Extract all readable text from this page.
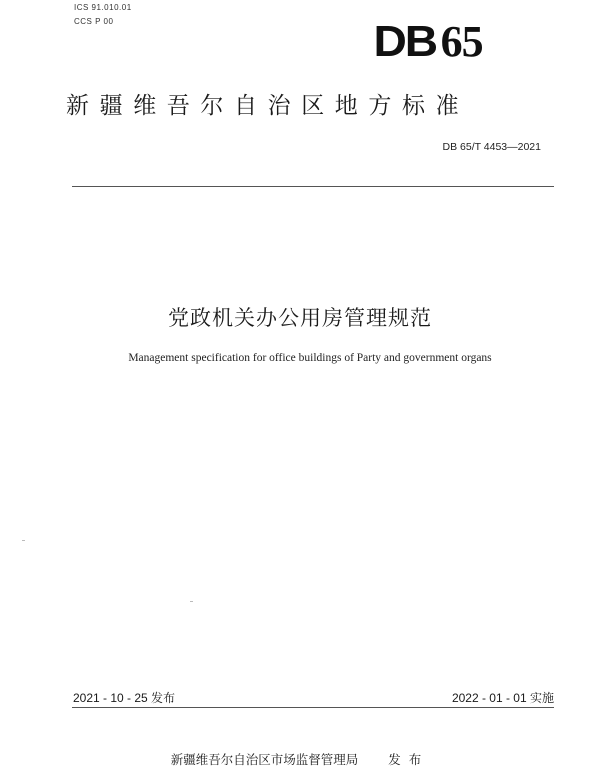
ICS 91.010.01
CCS P 00	DB 65
新疆维吾尔自治区地方标准
DB 65/T 4453—2021
党政机关办公用房管理规范
Management specification for office buildings of Party and government organs
2021 - 10 - 25 发布	2022 - 01 - 01 实施
新疆维吾尔自治区市场监督管理局 发布
